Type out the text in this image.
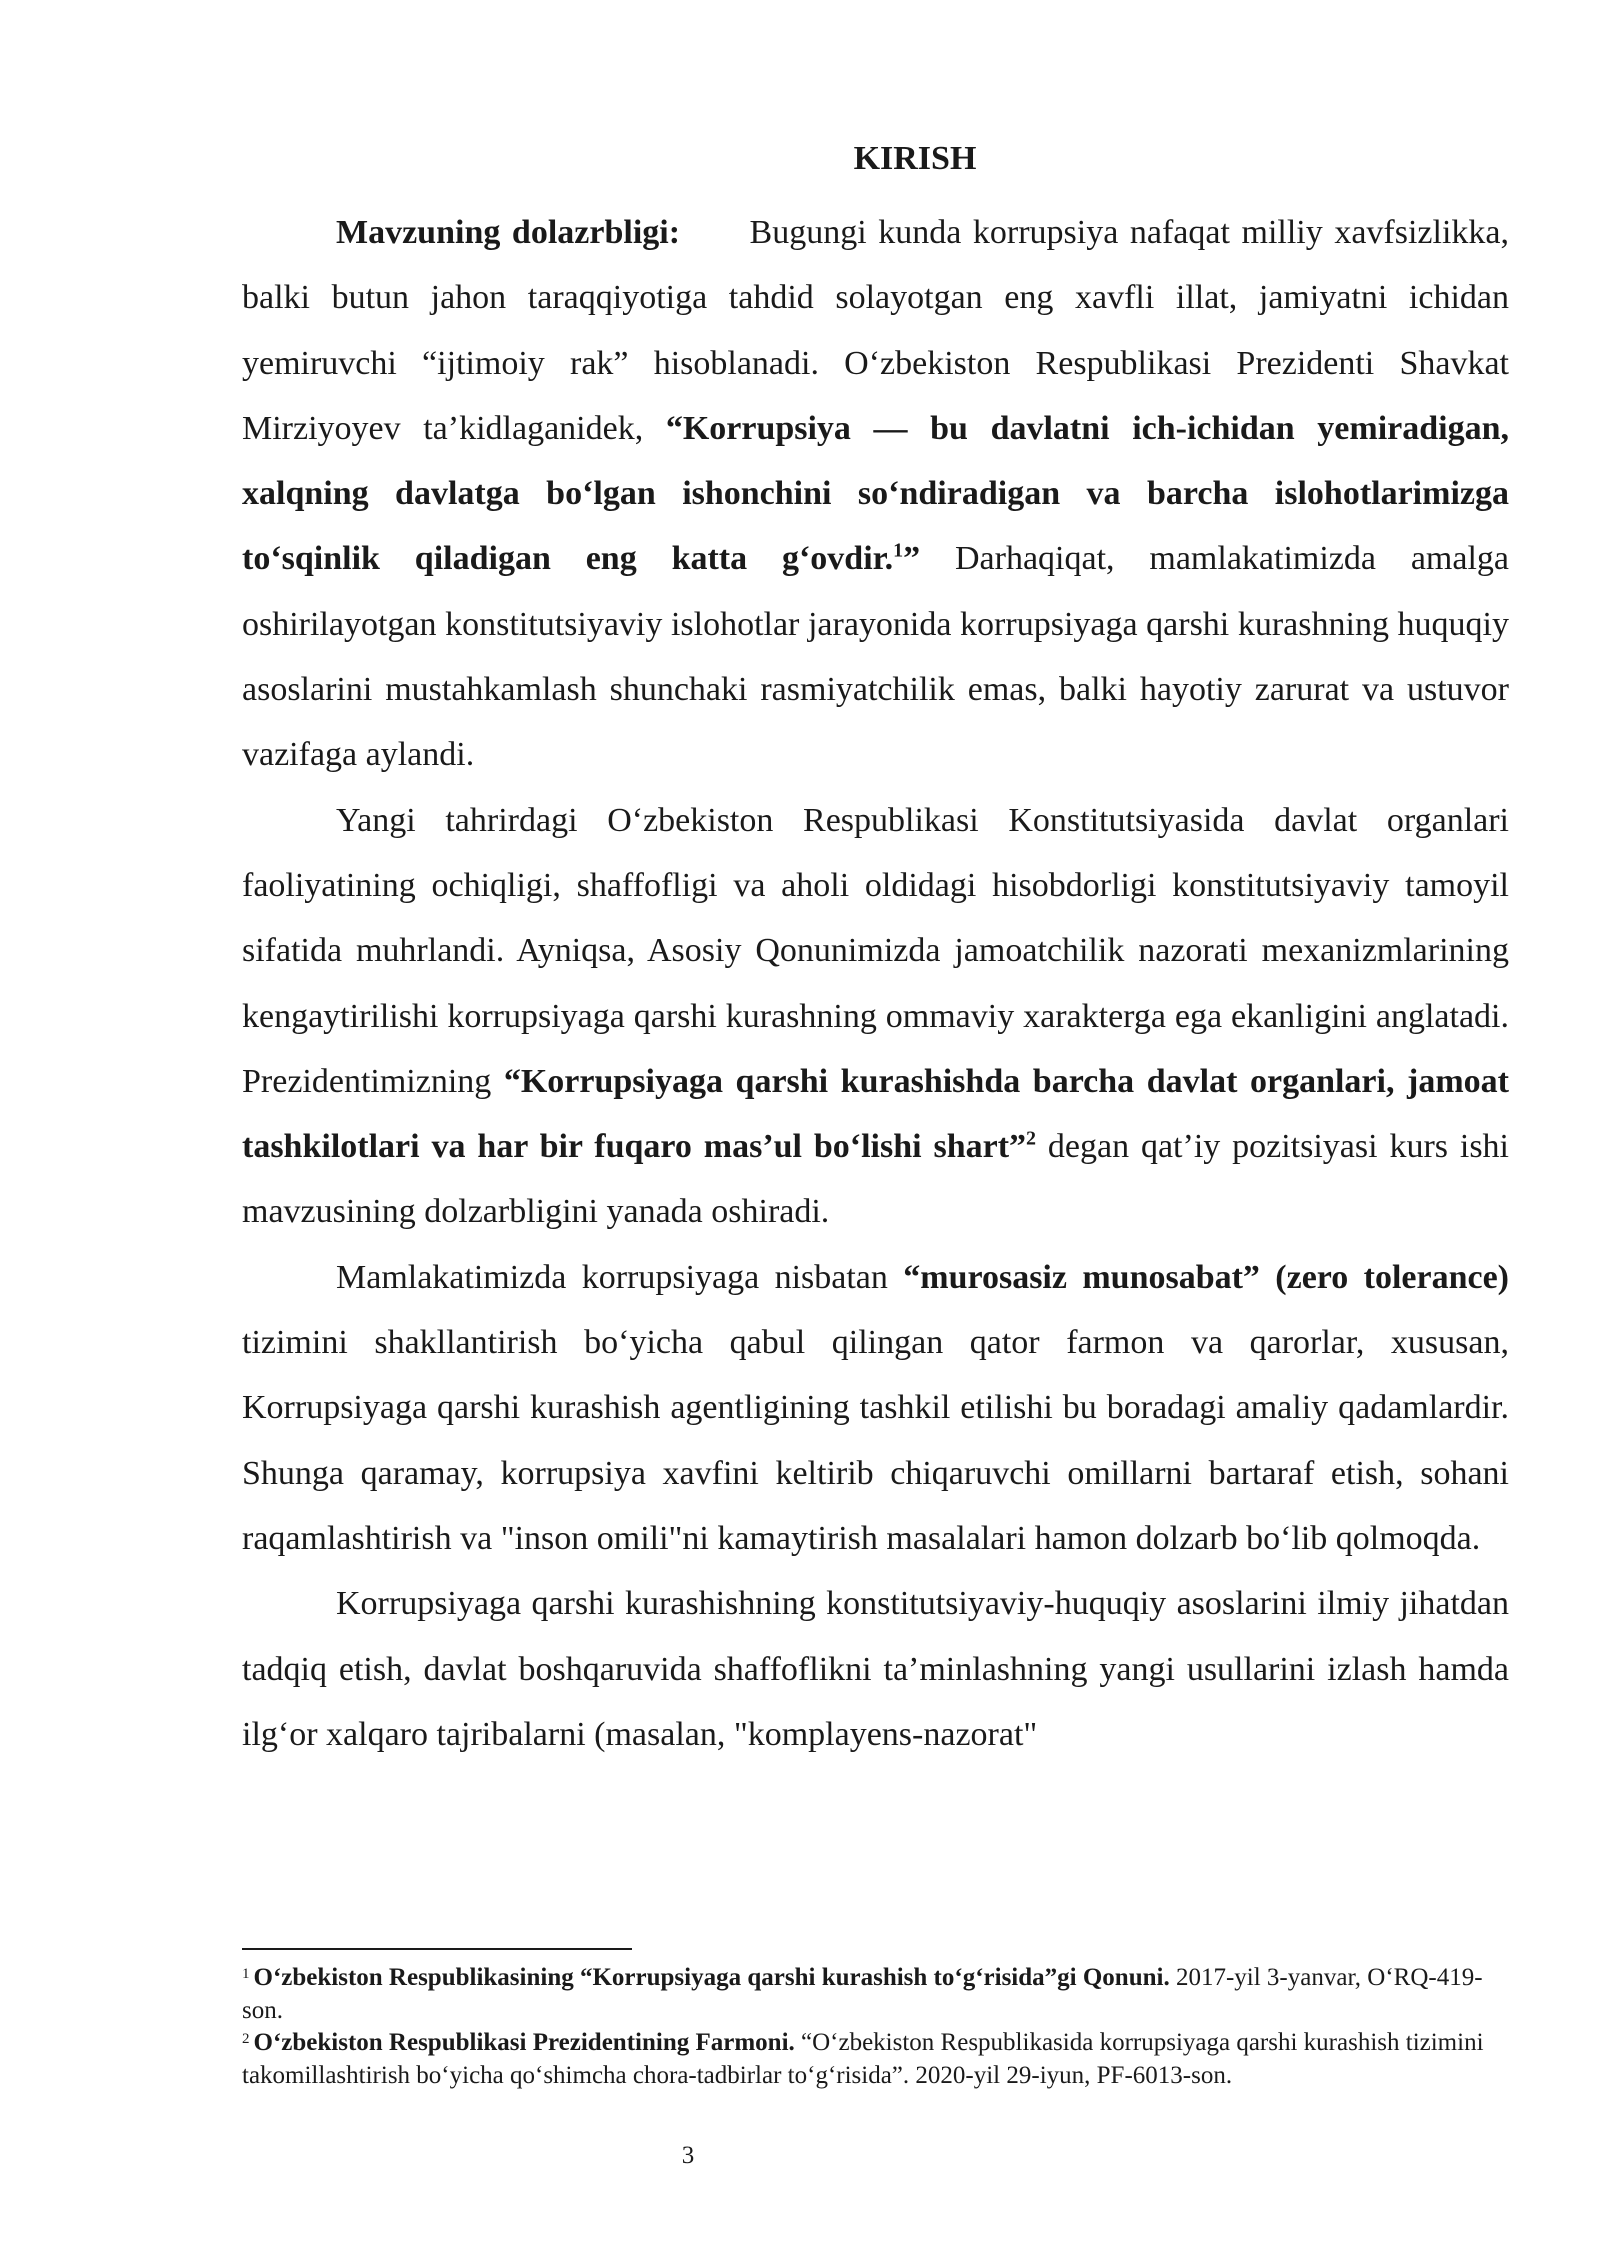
KIRISH

Mavzuning dolazrbligi: Bugungi kunda korrupsiya nafaqat milliy xavfsizlikka, balki butun jahon taraqqiyotiga tahdid solayotgan eng xavfli illat, jamiyatni ichidan yemiruvchi “ijtimoiy rak” hisoblanadi. O‘zbekiston Respublikasi Prezidenti Shavkat Mirziyoyev ta’kidlaganidek, “Korrupsiya — bu davlatni ich-ichidan yemiradigan, xalqning davlatga bo‘lgan ishonchini so‘ndiradigan va barcha islohotlarimizga to‘sqinlik qiladigan eng katta g‘ovdir.$^1$” Darhaqiqat, mamlakatimizda amalga oshirilayotgan konstitutsiyaviy islohotlar jarayonida korrupsiyaga qarshi kurashning huquqiy asoslarini mustahkamlash shunchaki rasmiyatchilik emas, balki hayotiy zarurat va ustuvor vazifaga aylandi.

Yangi tahrirdagi O‘zbekiston Respublikasi Konstitutsiyasida davlat organlari faoliyatining ochiqligi, shaffofligi va aholi oldidagi hisobdorligi konstitutsiyaviy tamoyil sifatida muhrlandi. Ayniqsa, Asosiy Qonunimizda jamoatchilik nazorati mexanizmlarining kengaytirilishi korrupsiyaga qarshi kurashning ommaviy xarakterga ega ekanligini anglatadi. Prezidentimizning “Korrupsiyaga qarshi kurashishda barcha davlat organlari, jamoat tashkilotlari va har bir fuqaro mas’ul bo‘lishi shart”$^2$ degan qat’iy pozitsiyasi kurs ishi mavzusining dolzarbligini yanada oshiradi.

Mamlakatimizda korrupsiyaga nisbatan “murosasiz munosabat” (zero tolerance) tizimini shakllantirish bo‘yicha qabul qilingan qator farmon va qarorlar, xususan, Korrupsiyaga qarshi kurashish agentligining tashkil etilishi bu boradagi amaliy qadamlardir. Shunga qaramay, korrupsiya xavfini keltirib chiqaruvchi omillarni bartaraf etish, sohani raqamlashtirish va "inson omili"ni kamaytirish masalalari hamon dolzarb bo‘lib qolmoqda.

Korrupsiyaga qarshi kurashishning konstitutsiyaviy-huquqiy asoslarini ilmiy jihatdan tadqiq etish, davlat boshqaruvida shaffoflikni ta’minlashning yangi usullarini izlash hamda ilg‘or xalqaro tajribalarni (masalan, "komplayens-nazorat"

$^1$ O‘zbekiston Respublikasining “Korrupsiyaga qarshi kurashish to‘g‘risida”gi Qonuni. 2017-yil 3-yanvar, O‘RQ-419-son.

$^2$ O‘zbekiston Respublikasi Prezidentining Farmoni. “O‘zbekiston Respublikasida korrupsiyaga qarshi kurashish tizimini takomillashtirish bo‘yicha qo‘shimcha chora-tadbirlar to‘g‘risida”. 2020-yil 29-iyun, PF-6013-son.

3
